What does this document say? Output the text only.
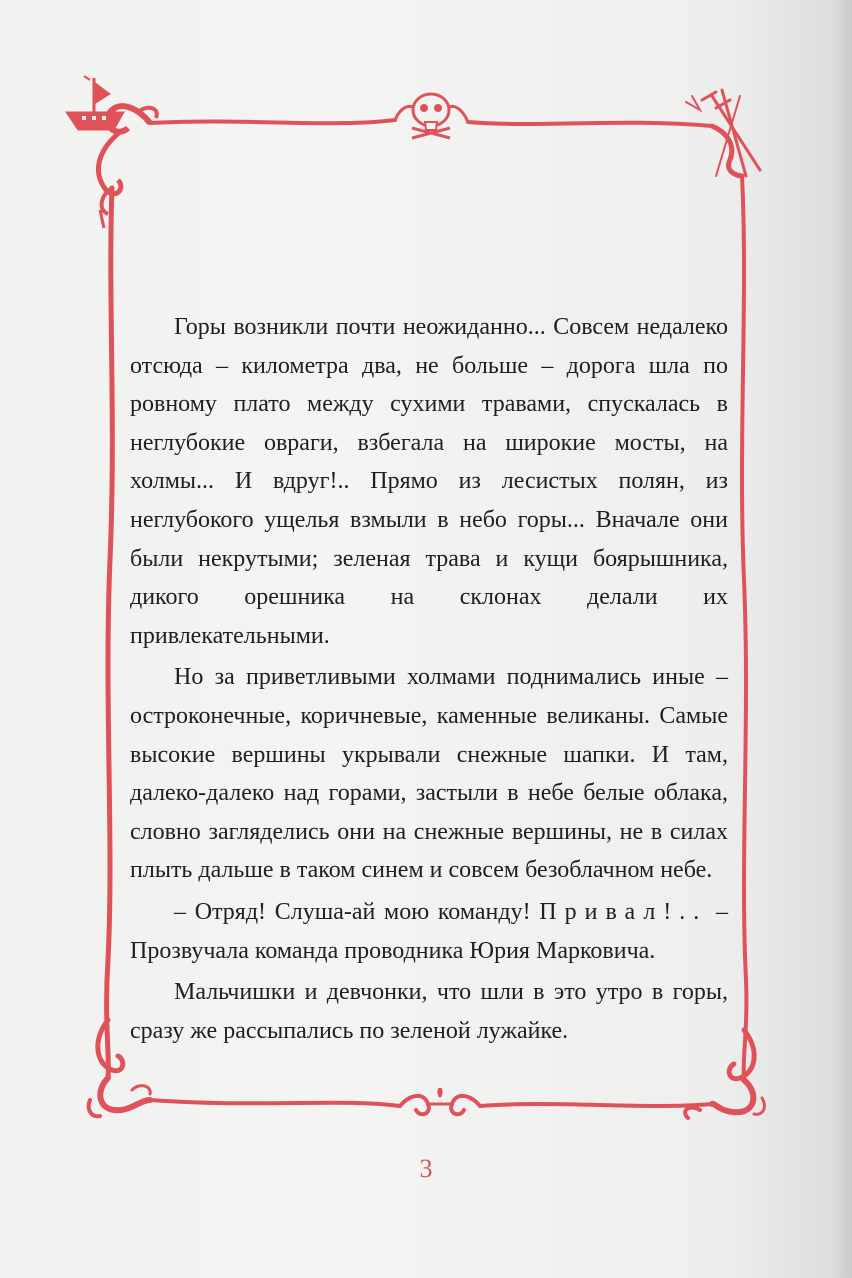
Горы возникли почти неожиданно... Совсем недалеко отсюда – километра два, не больше – дорога шла по ровному плато между сухими травами, спускалась в неглубокие овраги, взбегала на широкие мосты, на холмы... И вдруг!.. Прямо из лесистых полян, из неглубокого ущелья взмыли в небо горы... Вначале они были некрутыми; зеленая трава и кущи боярышника, дикого орешника на склонах делали их привлекательными.

Но за приветливыми холмами поднимались иные – остроконечные, коричневые, каменные великаны. Самые высокие вершины укрывали снежные шапки. И там, далеко-далеко над горами, застыли в небе белые облака, словно загляделись они на снежные вершины, не в силах плыть дальше в таком синем и совсем безоблачном небе.

– Отряд! Слуша-ай мою команду! Привал!.. – Прозвучала команда проводника Юрия Марковича.

Мальчишки и девчонки, что шли в это утро в горы, сразу же рассыпались по зеленой лужайке.

3
